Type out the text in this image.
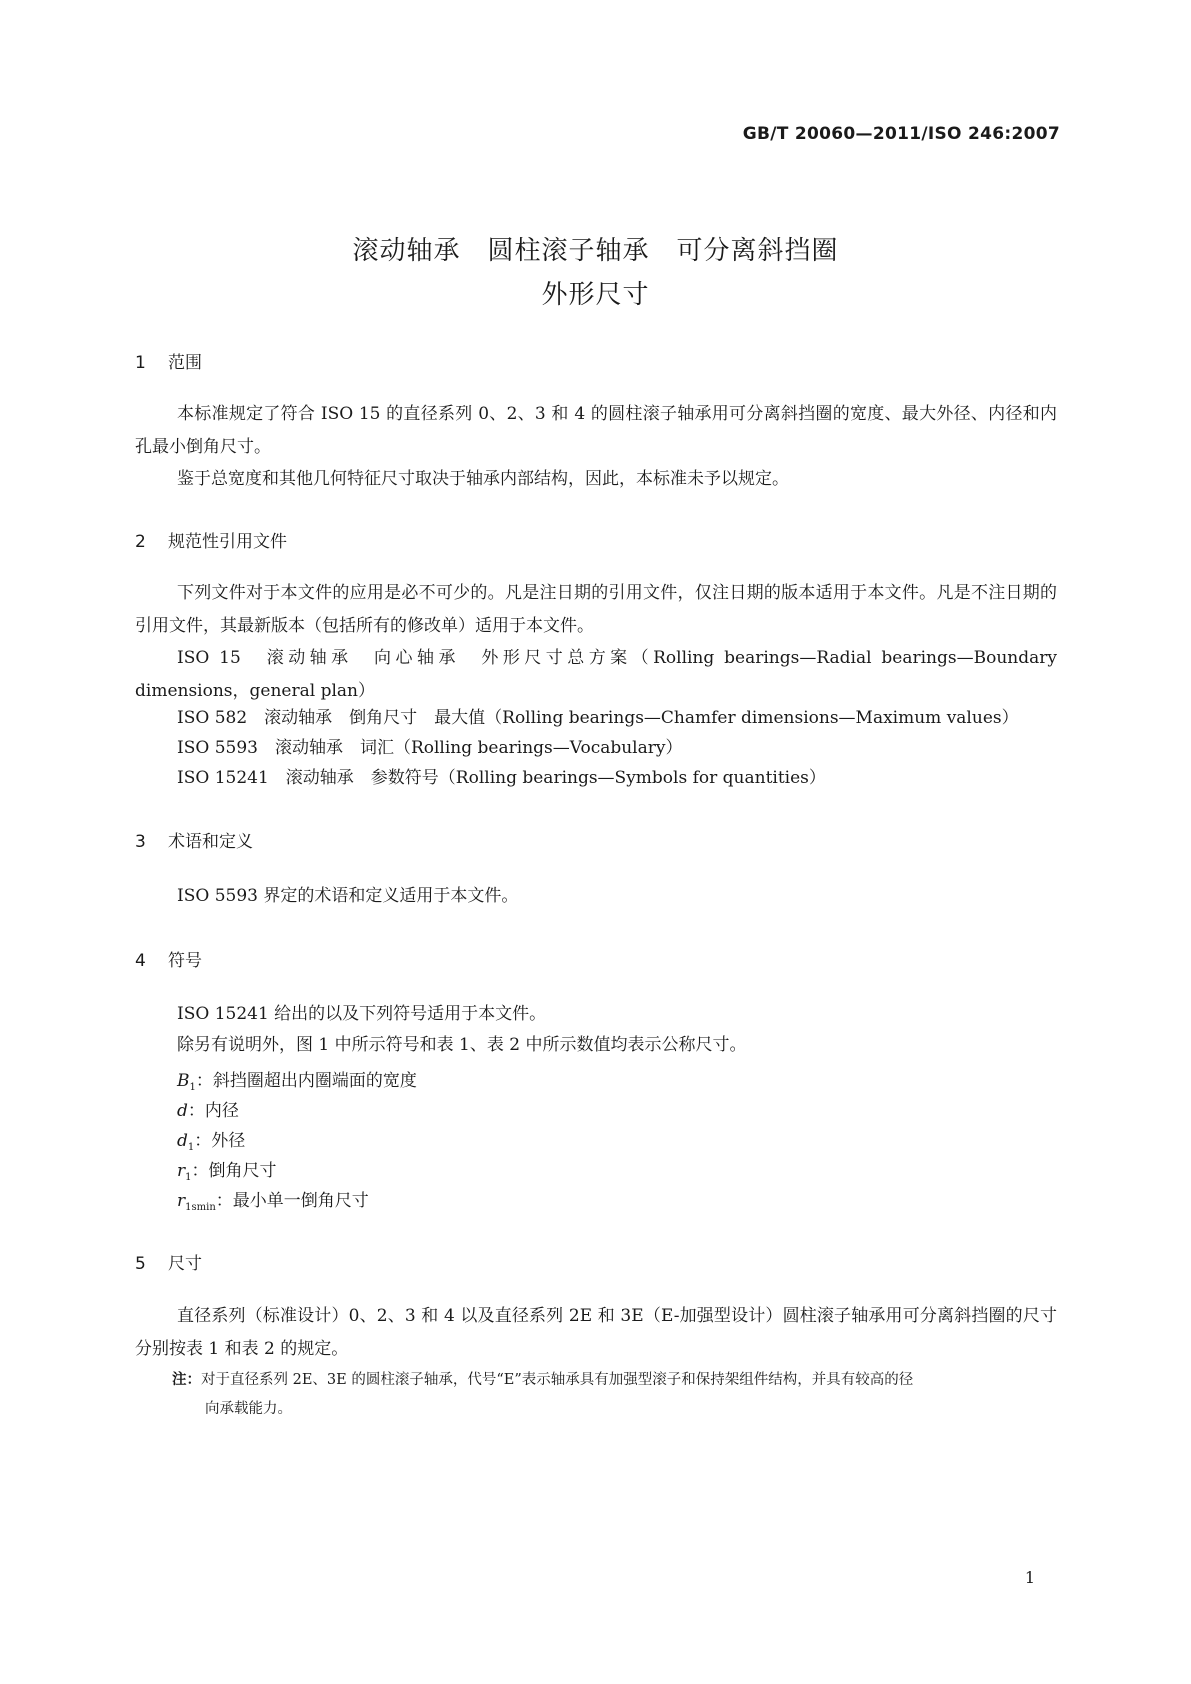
GB/T 20060—2011/ISO 246:2007
滚动轴承　圆柱滚子轴承　可分离斜挡圈
外形尺寸
1 范围

本标准规定了符合 ISO 15 的直径系列 0、2、3 和 4 的圆柱滚子轴承用可分离斜挡圈的宽度、最大外径、内径和内孔最小倒角尺寸。

鉴于总宽度和其他几何特征尺寸取决于轴承内部结构，因此，本标准未予以规定。

2 规范性引用文件

下列文件对于本文件的应用是必不可少的。凡是注日期的引用文件，仅注日期的版本适用于本文件。凡是不注日期的引用文件，其最新版本（包括所有的修改单）适用于本文件。

ISO 15　滚动轴承　向心轴承　外形尺寸总方案（Rolling bearings—Radial bearings—Boundary dimensions，general plan）

ISO 582　滚动轴承　倒角尺寸　最大值（Rolling bearings—Chamfer dimensions—Maximum values）

ISO 5593　滚动轴承　词汇（Rolling bearings—Vocabulary）

ISO 15241　滚动轴承　参数符号（Rolling bearings—Symbols for quantities）

3 术语和定义

ISO 5593 界定的术语和定义适用于本文件。

4 符号

ISO 15241 给出的以及下列符号适用于本文件。

除另有说明外，图 1 中所示符号和表 1、表 2 中所示数值均表示公称尺寸。

$B_1$：斜挡圈超出内圈端面的宽度
d：内径
$d_1$：外径
$r_1$：倒角尺寸
$r_{1smin}$：最小单一倒角尺寸
5 尺寸

直径系列（标准设计）0、2、3 和 4 以及直径系列 2E 和 3E（E-加强型设计）圆柱滚子轴承用可分离斜挡圈的尺寸分别按表 1 和表 2 的规定。

注：对于直径系列 2E、3E 的圆柱滚子轴承，代号“E”表示轴承具有加强型滚子和保持架组件结构，并具有较高的径
向承载能力。

1
